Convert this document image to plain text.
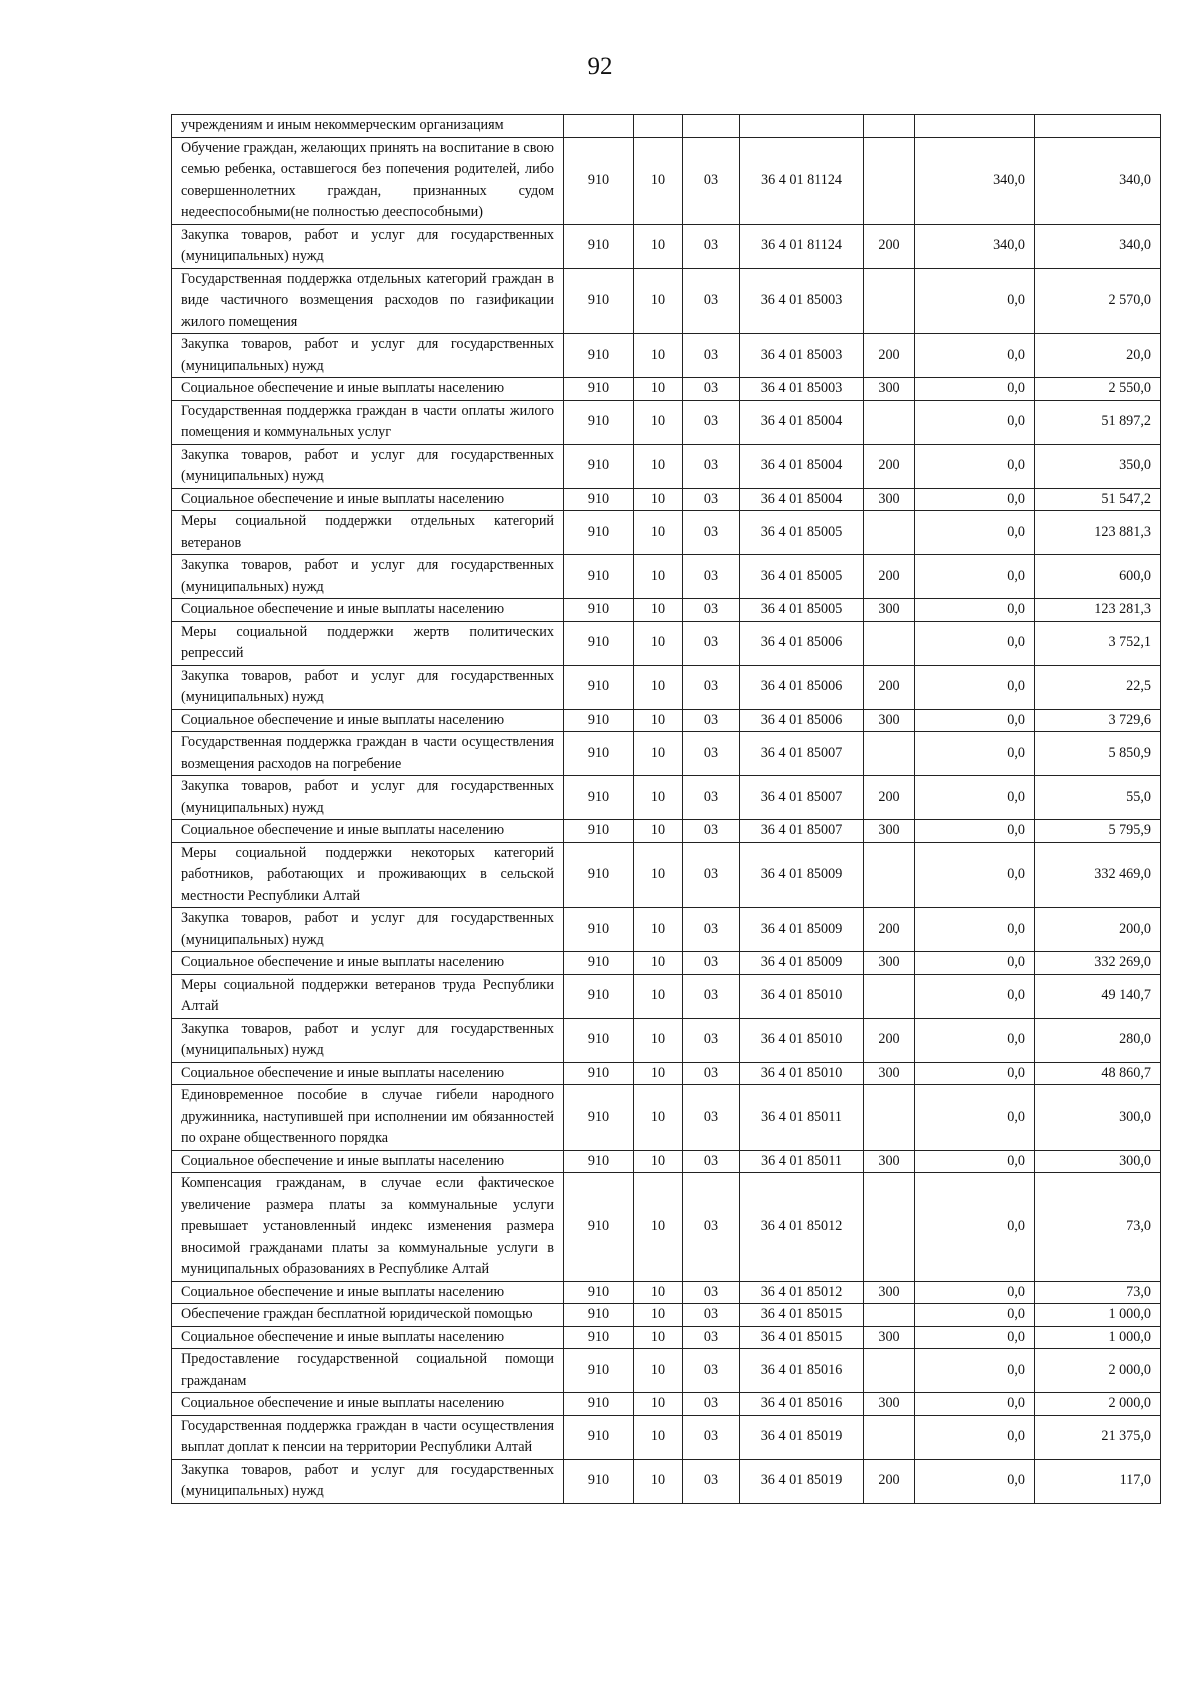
92
учреждениям и иным некоммерческим организациям							
Обучение граждан, желающих принять на воспитание в свою семью ребенка, оставшегося без попечения родителей, либо совершеннолетних граждан, признанных судом недееспособными(не полностью дееспособными)	910	10	03	36 4 01 81124		340,0	340,0
Закупка товаров, работ и услуг для государственных (муниципальных) нужд	910	10	03	36 4 01 81124	200	340,0	340,0
Государственная поддержка отдельных категорий граждан в виде частичного возмещения расходов по газификации жилого помещения	910	10	03	36 4 01 85003		0,0	2 570,0
Закупка товаров, работ и услуг для государственных (муниципальных) нужд	910	10	03	36 4 01 85003	200	0,0	20,0
Социальное обеспечение и иные выплаты населению	910	10	03	36 4 01 85003	300	0,0	2 550,0
Государственная поддержка граждан в части оплаты жилого помещения и коммунальных услуг	910	10	03	36 4 01 85004		0,0	51 897,2
Закупка товаров, работ и услуг для государственных (муниципальных) нужд	910	10	03	36 4 01 85004	200	0,0	350,0
Социальное обеспечение и иные выплаты населению	910	10	03	36 4 01 85004	300	0,0	51 547,2
Меры социальной поддержки отдельных категорий ветеранов	910	10	03	36 4 01 85005		0,0	123 881,3
Закупка товаров, работ и услуг для государственных (муниципальных) нужд	910	10	03	36 4 01 85005	200	0,0	600,0
Социальное обеспечение и иные выплаты населению	910	10	03	36 4 01 85005	300	0,0	123 281,3
Меры социальной поддержки жертв политических репрессий	910	10	03	36 4 01 85006		0,0	3 752,1
Закупка товаров, работ и услуг для государственных (муниципальных) нужд	910	10	03	36 4 01 85006	200	0,0	22,5
Социальное обеспечение и иные выплаты населению	910	10	03	36 4 01 85006	300	0,0	3 729,6
Государственная поддержка граждан в части осуществления возмещения расходов на погребение	910	10	03	36 4 01 85007		0,0	5 850,9
Закупка товаров, работ и услуг для государственных (муниципальных) нужд	910	10	03	36 4 01 85007	200	0,0	55,0
Социальное обеспечение и иные выплаты населению	910	10	03	36 4 01 85007	300	0,0	5 795,9
Меры социальной поддержки некоторых категорий работников, работающих и проживающих в сельской местности Республики Алтай	910	10	03	36 4 01 85009		0,0	332 469,0
Закупка товаров, работ и услуг для государственных (муниципальных) нужд	910	10	03	36 4 01 85009	200	0,0	200,0
Социальное обеспечение и иные выплаты населению	910	10	03	36 4 01 85009	300	0,0	332 269,0
Меры социальной поддержки ветеранов труда Республики Алтай	910	10	03	36 4 01 85010		0,0	49 140,7
Закупка товаров, работ и услуг для государственных (муниципальных) нужд	910	10	03	36 4 01 85010	200	0,0	280,0
Социальное обеспечение и иные выплаты населению	910	10	03	36 4 01 85010	300	0,0	48 860,7
Единовременное пособие в случае гибели народного дружинника, наступившей при исполнении им обязанностей по охране общественного порядка	910	10	03	36 4 01 85011		0,0	300,0
Социальное обеспечение и иные выплаты населению	910	10	03	36 4 01 85011	300	0,0	300,0
Компенсация гражданам, в случае если фактическое увеличение размера платы за коммунальные услуги превышает установленный индекс изменения размера вносимой гражданами платы за коммунальные услуги в муниципальных образованиях в Республике Алтай	910	10	03	36 4 01 85012		0,0	73,0
Социальное обеспечение и иные выплаты населению	910	10	03	36 4 01 85012	300	0,0	73,0
Обеспечение граждан бесплатной юридической помощью	910	10	03	36 4 01 85015		0,0	1 000,0
Социальное обеспечение и иные выплаты населению	910	10	03	36 4 01 85015	300	0,0	1 000,0
Предоставление государственной социальной помощи гражданам	910	10	03	36 4 01 85016		0,0	2 000,0
Социальное обеспечение и иные выплаты населению	910	10	03	36 4 01 85016	300	0,0	2 000,0
Государственная поддержка граждан в части осуществления выплат доплат к пенсии на территории Республики Алтай	910	10	03	36 4 01 85019		0,0	21 375,0
Закупка товаров, работ и услуг для государственных (муниципальных) нужд	910	10	03	36 4 01 85019	200	0,0	117,0
